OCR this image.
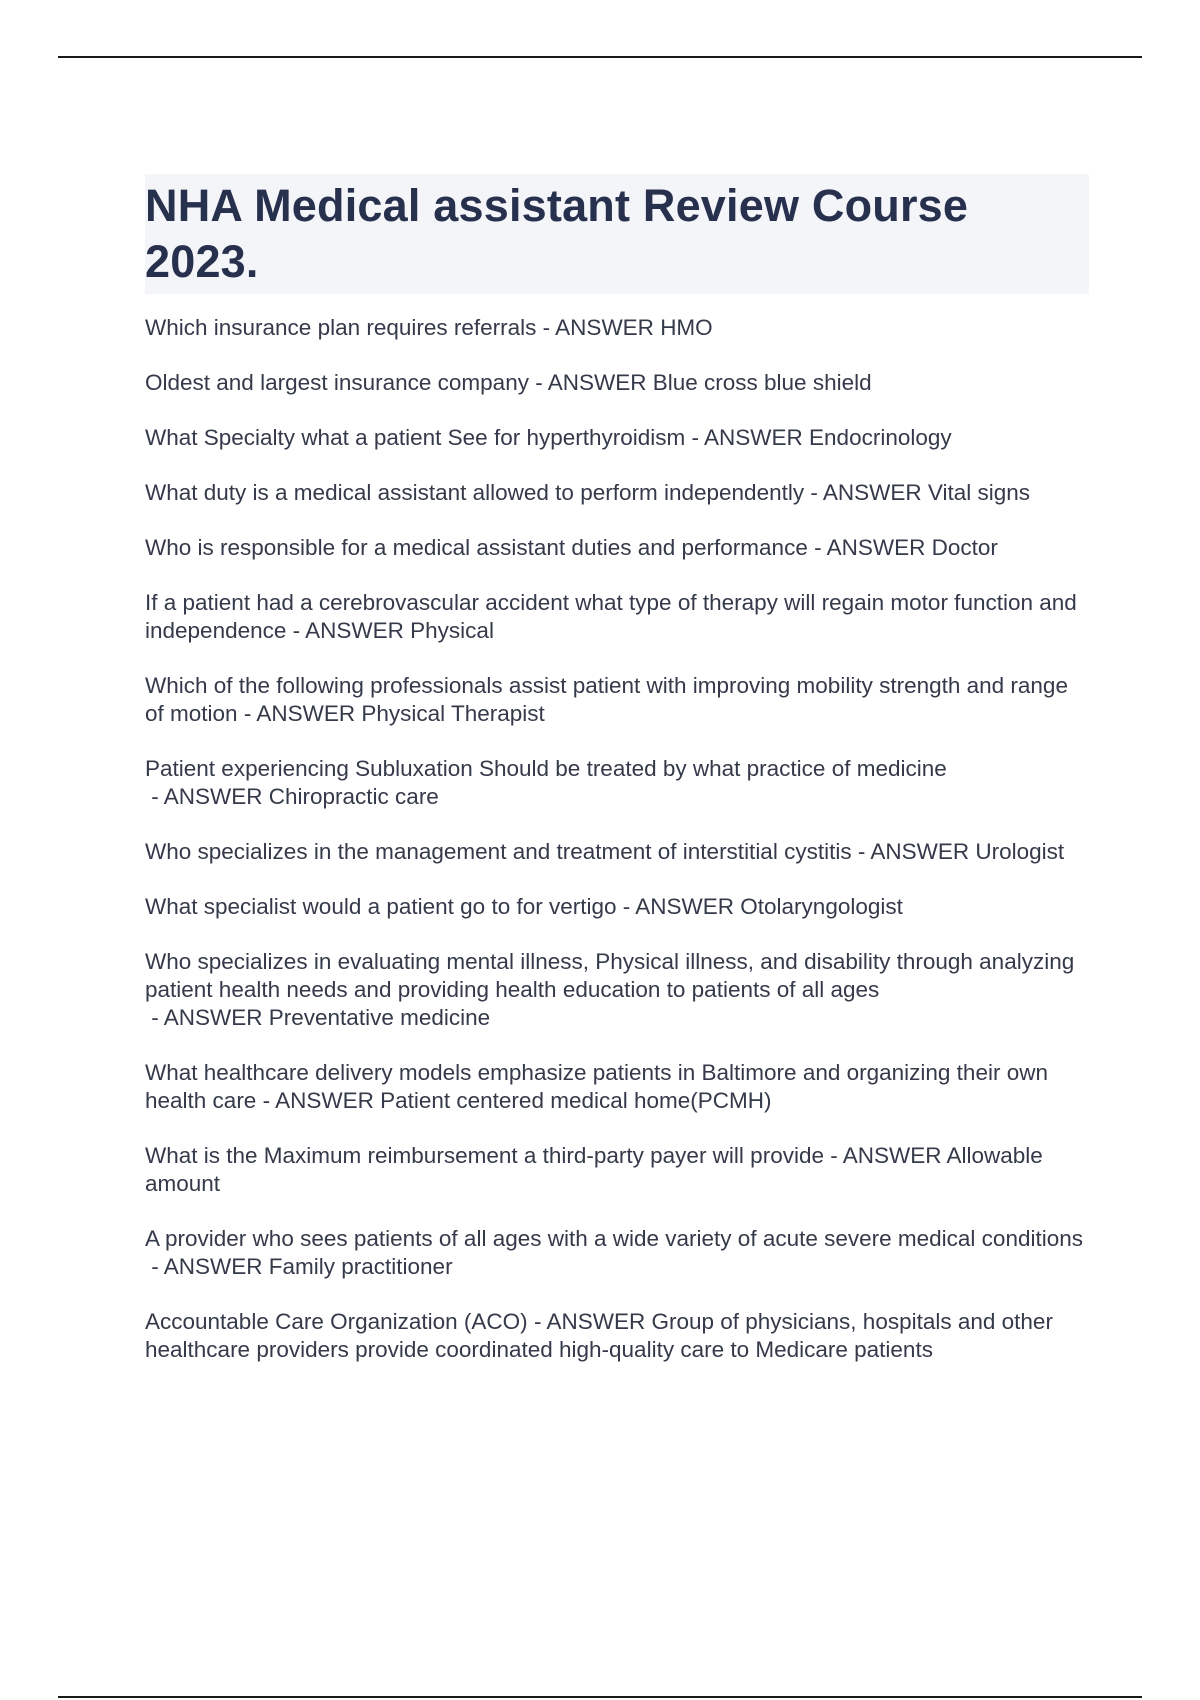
NHA Medical assistant Review Course 2023.
Which insurance plan requires referrals - ANSWER HMO
Oldest and largest insurance company - ANSWER Blue cross blue shield
What Specialty what a patient See for hyperthyroidism - ANSWER Endocrinology
What duty is a medical assistant allowed to perform independently - ANSWER Vital signs
Who is responsible for a medical assistant duties and performance - ANSWER Doctor
If a patient had a cerebrovascular accident what type of therapy will regain motor function and independence - ANSWER Physical
Which of the following professionals assist patient with improving mobility strength and range of motion - ANSWER Physical Therapist
Patient experiencing Subluxation Should be treated by what practice of medicine - ANSWER Chiropractic care
Who specializes in the management and treatment of interstitial cystitis - ANSWER Urologist
What specialist would a patient go to for vertigo - ANSWER Otolaryngologist
Who specializes in evaluating mental illness, Physical illness, and disability through analyzing patient health needs and providing health education to patients of all ages - ANSWER Preventative medicine
What healthcare delivery models emphasize patients in Baltimore and organizing their own health care - ANSWER Patient centered medical home(PCMH)
What is the Maximum reimbursement a third-party payer will provide - ANSWER Allowable amount
A provider who sees patients of all ages with a wide variety of acute severe medical conditions - ANSWER Family practitioner
Accountable Care Organization (ACO) - ANSWER Group of physicians, hospitals and other healthcare providers provide coordinated high-quality care to Medicare patients
